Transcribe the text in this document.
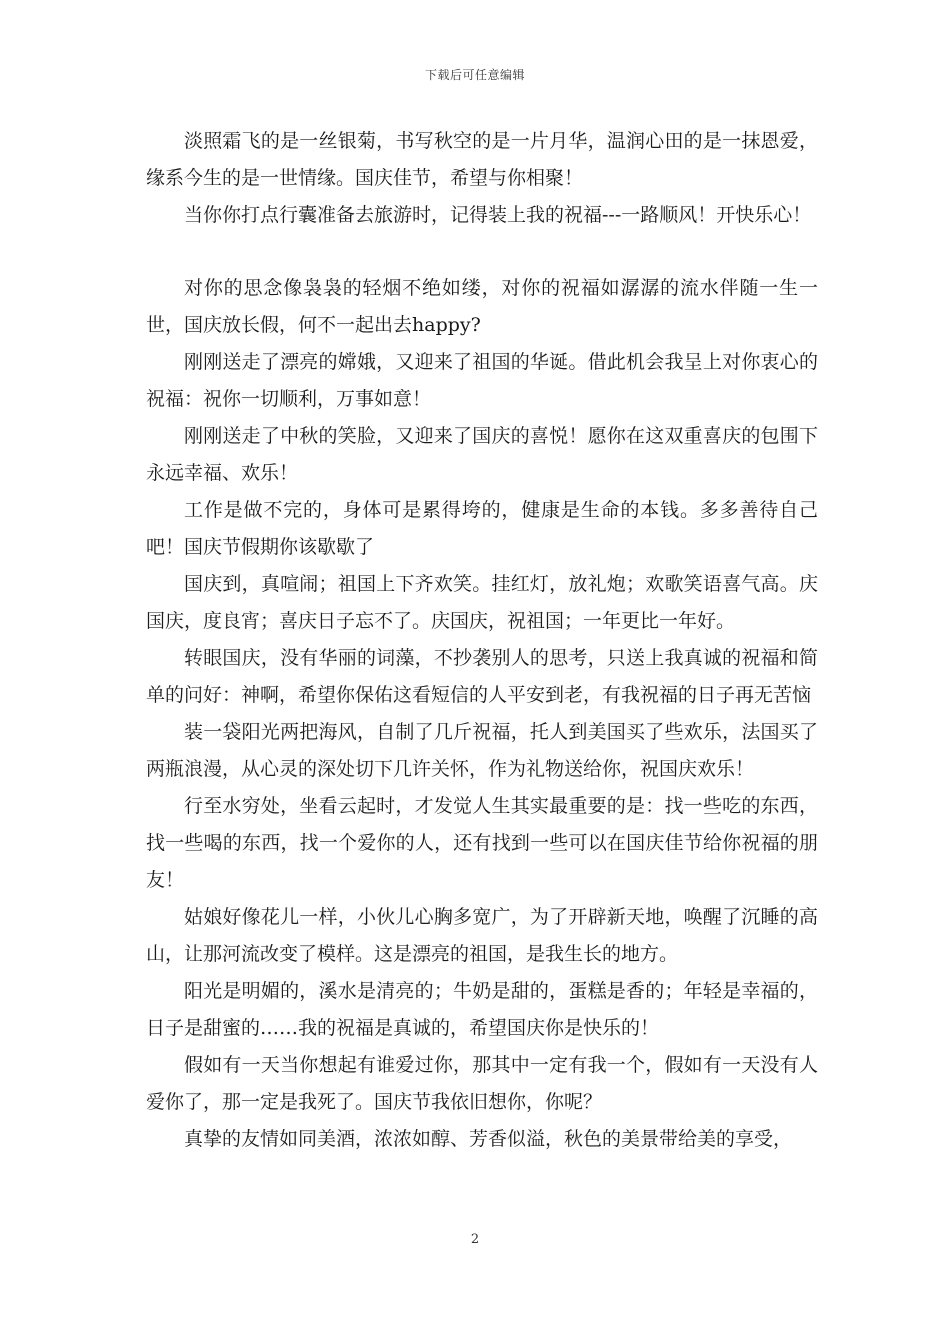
下载后可任意编辑

淡照霜飞的是一丝银菊，书写秋空的是一片月华，温润心田的是一抹恩爱，缘系今生的是一世情缘。国庆佳节，希望与你相聚！

当你你打点行囊准备去旅游时，记得装上我的祝福---一路顺风！开快乐心！

对你的思念像袅袅的轻烟不绝如缕，对你的祝福如潺潺的流水伴随一生一世，国庆放长假，何不一起出去happy?

刚刚送走了漂亮的嫦娥，又迎来了祖国的华诞。借此机会我呈上对你衷心的祝福：祝你一切顺利，万事如意！

刚刚送走了中秋的笑脸，又迎来了国庆的喜悦！愿你在这双重喜庆的包围下永远幸福、欢乐！

工作是做不完的，身体可是累得垮的，健康是生命的本钱。多多善待自己吧！国庆节假期你该歇歇了

国庆到，真喧闹；祖国上下齐欢笑。挂红灯，放礼炮；欢歌笑语喜气高。庆国庆，度良宵；喜庆日子忘不了。庆国庆，祝祖国；一年更比一年好。

转眼国庆，没有华丽的词藻，不抄袭别人的思考，只送上我真诚的祝福和简单的问好：神啊，希望你保佑这看短信的人平安到老，有我祝福的日子再无苦恼

装一袋阳光两把海风，自制了几斤祝福，托人到美国买了些欢乐，法国买了两瓶浪漫，从心灵的深处切下几许关怀，作为礼物送给你，祝国庆欢乐！

行至水穷处，坐看云起时，才发觉人生其实最重要的是：找一些吃的东西，找一些喝的东西，找一个爱你的人，还有找到一些可以在国庆佳节给你祝福的朋友！

姑娘好像花儿一样，小伙儿心胸多宽广，为了开辟新天地，唤醒了沉睡的高山，让那河流改变了模样。这是漂亮的祖国，是我生长的地方。

阳光是明媚的，溪水是清亮的；牛奶是甜的，蛋糕是香的；年轻是幸福的，日子是甜蜜的……我的祝福是真诚的，希望国庆你是快乐的！

假如有一天当你想起有谁爱过你，那其中一定有我一个，假如有一天没有人爱你了，那一定是我死了。国庆节我依旧想你，你呢？

真挚的友情如同美酒，浓浓如醇、芳香似溢，秋色的美景带给美的享受，

2
